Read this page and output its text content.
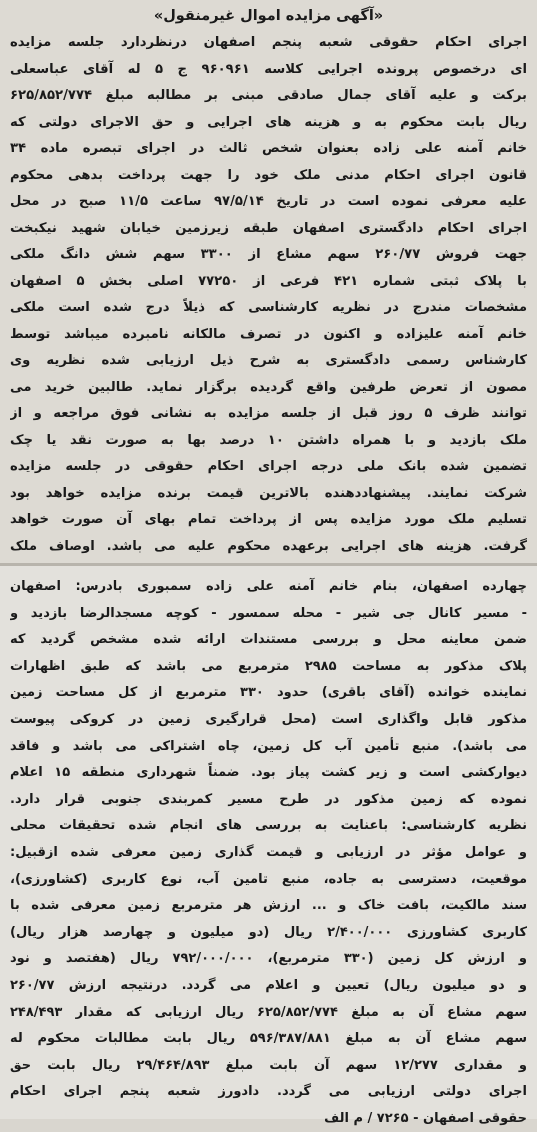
«آگهی مزایده اموال غیرمنقول»
اجرای احکام حقوقی شعبه پنجم اصفهان درنظردارد جلسه مزایده
ای درخصوص پرونده اجرایی کلاسه ۹۶۰۹۶۱ ج ۵ له آقای عباسعلی
برکت و علیه آقای جمال صادقی مبنی بر مطالبه مبلغ ۶۲۵/۸۵۲/۷۷۴
ریال بابت محکوم به و هزینه های اجرایی و حق الاجرای دولتی که
خانم آمنه علی زاده بعنوان شخص ثالث در اجرای تبصره ماده ۳۴
قانون اجرای احکام مدنی ملک خود را جهت پرداخت بدهی محکوم
علیه معرفی نموده است در تاریخ ۹۷/۵/۱۴ ساعت ۱۱/۵ صبح در محل
اجرای احکام دادگستری اصفهان طبقه زیرزمین خیابان شهید نیکبخت
جهت فروش ۲۶۰/۷۷ سهم مشاع از ۳۳۰۰ سهم شش دانگ ملکی
با پلاک ثبتی شماره ۴۲۱ فرعی از ۷۷۲۵۰ اصلی بخش ۵ اصفهان
مشخصات مندرج در نظریه کارشناسی که ذیلاً درج شده است ملکی
خانم آمنه علیزاده و اکنون در تصرف مالکانه نامبرده میباشد توسط
کارشناس رسمی دادگستری به شرح ذیل ارزیابی شده نظریه وی
مصون از تعرض طرفین واقع گردیده برگزار نماید. طالبین خرید می
توانند ظرف ۵ روز قبل از جلسه مزایده به نشانی فوق مراجعه و از
ملک بازدید و با همراه داشتن ۱۰ درصد بها به صورت نقد یا چک
تضمین شده بانک ملی درجه اجرای احکام حقوقی در جلسه مزایده
شرکت نمایند. پیشنهاددهنده بالاترین قیمت برنده مزایده خواهد بود
تسلیم ملک مورد مزایده پس از پرداخت تمام بهای آن صورت خواهد
گرفت. هزینه های اجرایی برعهده محکوم علیه می باشد. اوصاف ملک
چهارده اصفهان، بنام خانم آمنه علی زاده سمبوری بادرس: اصفهان
- مسیر کانال جی شیر - محله سمسور - کوچه مسجدالرضا بازدید و
ضمن معاینه محل و بررسی مستندات ارائه شده مشخص گردید که
پلاک مذکور به مساحت ۲۹۸۵ مترمربع می باشد که طبق اظهارات
نماینده خوانده (آقای باقری) حدود ۳۳۰ مترمربع از کل مساحت زمین
مذکور قابل واگذاری است (محل قرارگیری زمین در کروکی پیوست
می باشد). منبع تأمین آب کل زمین، چاه اشتراکی می باشد و فاقد
دیوارکشی است و زیر کشت پیاز بود. ضمناً شهرداری منطقه ۱۵ اعلام
نموده که زمین مذکور در طرح مسیر کمربندی جنوبی قرار دارد.
نظریه کارشناسی: باعنایت به بررسی های انجام شده تحقیقات محلی
و عوامل مؤثر در ارزیابی و قیمت گذاری زمین معرفی شده ازقبیل:
موقعیت، دسترسی به جاده، منبع تامین آب، نوع کاربری (کشاورزی)،
سند مالکیت، بافت خاک و ... ارزش هر مترمربع زمین معرفی شده با
کاربری کشاورزی ۲/۴۰۰/۰۰۰ ریال (دو میلیون و چهارصد هزار ریال)
و ارزش کل زمین (۳۳۰ مترمربع)، ۷۹۲/۰۰۰/۰۰۰ ریال (هفتصد و نود
و دو میلیون ریال) تعیین و اعلام می گردد. درنتیجه ارزش ۲۶۰/۷۷
سهم مشاع آن به مبلغ ۶۲۵/۸۵۲/۷۷۴ ریال ارزیابی که مقدار ۲۴۸/۴۹۳
سهم مشاع آن به مبلغ ۵۹۶/۳۸۷/۸۸۱ ریال بابت مطالبات محکوم له
و مقداری ۱۲/۲۷۷ سهم آن بابت مبلغ ۲۹/۴۶۴/۸۹۳ ریال بابت حق
اجرای دولتی ارزیابی می گردد. دادورز شعبه پنجم اجرای احکام
حقوقی اصفهان - ۷۲۶۵ / م الف
